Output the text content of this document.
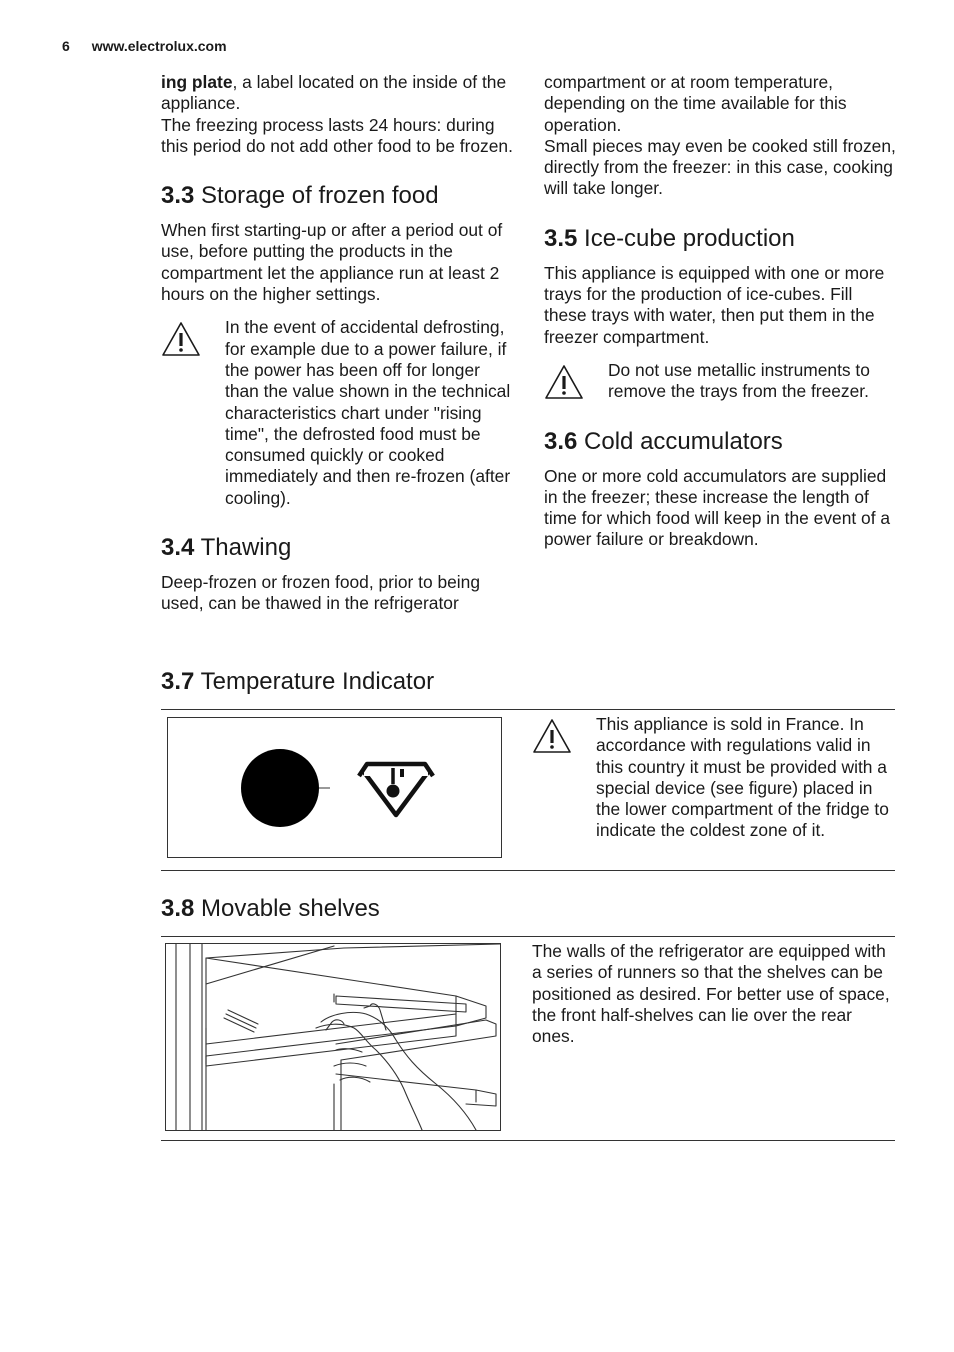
6 www.electrolux.com

ing plate, a label located on the inside of the appliance.

The freezing process lasts 24 hours: during this period do not add other food to be frozen.

3.3 Storage of frozen food

When first starting-up or after a period out of use, before putting the products in the compartment let the appliance run at least 2 hours on the higher settings.

In the event of accidental defrosting, for example due to a power failure, if the power has been off for longer than the value shown in the technical characteristics chart under "rising time", the defrosted food must be consumed quickly or cooked immediately and then re-frozen (after cooling).

3.4 Thawing

Deep-frozen or frozen food, prior to being used, can be thawed in the refrigerator

compartment or at room temperature, depending on the time available for this operation.

Small pieces may even be cooked still frozen, directly from the freezer: in this case, cooking will take longer.

3.5 Ice-cube production

This appliance is equipped with one or more trays for the production of ice-cubes. Fill these trays with water, then put them in the freezer compartment.

Do not use metallic instruments to remove the trays from the freezer.

3.6 Cold accumulators

One or more cold accumulators are supplied in the freezer; these increase the length of time for which food will keep in the event of a power failure or breakdown.

3.7 Temperature Indicator

This appliance is sold in France. In accordance with regulations valid in this country it must be provided with a special device (see figure) placed in the lower compartment of the fridge to indicate the coldest zone of it.

3.8 Movable shelves

The walls of the refrigerator are equipped with a series of runners so that the shelves can be positioned as desired. For better use of space, the front half-shelves can lie over the rear ones.
